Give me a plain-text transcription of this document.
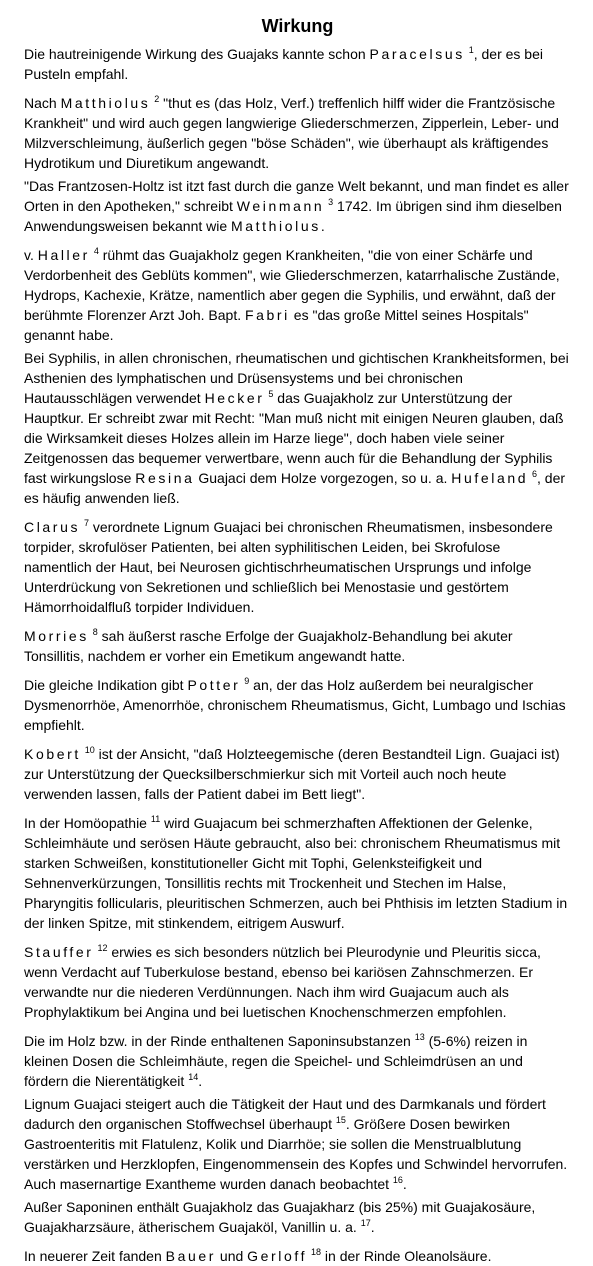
Wirkung

Die hautreinigende Wirkung des Guajaks kannte schon Paracelsus $^1$, der es bei Pusteln empfahl.

Nach Matthiolus $^2$ "thut es (das Holz, Verf.) treffenlich hilff wider die Frantzösische Krankheit" und wird auch gegen langwierige Gliederschmerzen, Zipperlein, Leber- und Milzverschleimung, äußerlich gegen "böse Schäden", wie überhaupt als kräftigendes Hydrotikum und Diuretikum angewandt.

"Das Frantzosen-Holtz ist itzt fast durch die ganze Welt bekannt, und man findet es aller Orten in den Apotheken," schreibt Weinmann $^3$ 1742. Im übrigen sind ihm dieselben Anwendungsweisen bekannt wie Matthiolus.

v. Haller $^4$ rühmt das Guajakholz gegen Krankheiten, "die von einer Schärfe und Verdorbenheit des Geblüts kommen", wie Gliederschmerzen, katarrhalische Zustände, Hydrops, Kachexie, Krätze, namentlich aber gegen die Syphilis, und erwähnt, daß der berühmte Florenzer Arzt Joh. Bapt. Fabri es "das große Mittel seines Hospitals" genannt habe.

Bei Syphilis, in allen chronischen, rheumatischen und gichtischen Krankheitsformen, bei Asthenien des lymphatischen und Drüsensystems und bei chronischen Hautausschlägen verwendet Hecker $^5$ das Guajakholz zur Unterstützung der Hauptkur. Er schreibt zwar mit Recht: "Man muß nicht mit einigen Neuren glauben, daß die Wirksamkeit dieses Holzes allein im Harze liege", doch haben viele seiner Zeitgenossen das bequemer verwertbare, wenn auch für die Behandlung der Syphilis fast wirkungslose Resina Guajaci dem Holze vorgezogen, so u. a. Hufeland $^6$, der es häufig anwenden ließ.

Clarus $^7$ verordnete Lignum Guajaci bei chronischen Rheumatismen, insbesondere torpider, skrofulöser Patienten, bei alten syphilitischen Leiden, bei Skrofulose namentlich der Haut, bei Neurosen gichtischrheumatischen Ursprungs und infolge Unterdrückung von Sekretionen und schließlich bei Menostasie und gestörtem Hämorrhoidalfluß torpider Individuen.

Morries $^8$ sah äußerst rasche Erfolge der Guajakholz-Behandlung bei akuter Tonsillitis, nachdem er vorher ein Emetikum angewandt hatte.

Die gleiche Indikation gibt Potter $^9$ an, der das Holz außerdem bei neuralgischer Dysmenorrhöe, Amenorrhöe, chronischem Rheumatismus, Gicht, Lumbago und Ischias empfiehlt.

Kobert $^{10}$ ist der Ansicht, "daß Holzteegemische (deren Bestandteil Lign. Guajaci ist) zur Unterstützung der Quecksilberschmierkur sich mit Vorteil auch noch heute verwenden lassen, falls der Patient dabei im Bett liegt".

In der Homöopathie $^{11}$ wird Guajacum bei schmerzhaften Affektionen der Gelenke, Schleimhäute und serösen Häute gebraucht, also bei: chronischem Rheumatismus mit starken Schweißen, konstitutioneller Gicht mit Tophi, Gelenksteifigkeit und Sehnenverkürzungen, Tonsillitis rechts mit Trockenheit und Stechen im Halse, Pharyngitis follicularis, pleuritischen Schmerzen, auch bei Phthisis im letzten Stadium in der linken Spitze, mit stinkendem, eitrigem Auswurf.

Stauffer $^{12}$ erwies es sich besonders nützlich bei Pleurodynie und Pleuritis sicca, wenn Verdacht auf Tuberkulose bestand, ebenso bei kariösen Zahnschmerzen. Er verwandte nur die niederen Verdünnungen. Nach ihm wird Guajacum auch als Prophylaktikum bei Angina und bei luetischen Knochenschmerzen empfohlen.

Die im Holz bzw. in der Rinde enthaltenen Saponinsubstanzen $^{13}$ (5-6%) reizen in kleinen Dosen die Schleimhäute, regen die Speichel- und Schleimdrüsen an und fördern die Nierentätigkeit $^{14}$.

Lignum Guajaci steigert auch die Tätigkeit der Haut und des Darmkanals und fördert dadurch den organischen Stoffwechsel überhaupt $^{15}$. Größere Dosen bewirken Gastroenteritis mit Flatulenz, Kolik und Diarrhöe; sie sollen die Menstrualblutung verstärken und Herzklopfen, Eingenommensein des Kopfes und Schwindel hervorrufen. Auch masernartige Exantheme wurden danach beobachtet $^{16}$.

Außer Saponinen enthält Guajakholz das Guajakharz (bis 25%) mit Guajakosäure, Guajakharzsäure, ätherischem Guajaköl, Vanillin u. a. $^{17}$.

In neuerer Zeit fanden Bauer und Gerloff $^{18}$ in der Rinde Oleanolsäure.
